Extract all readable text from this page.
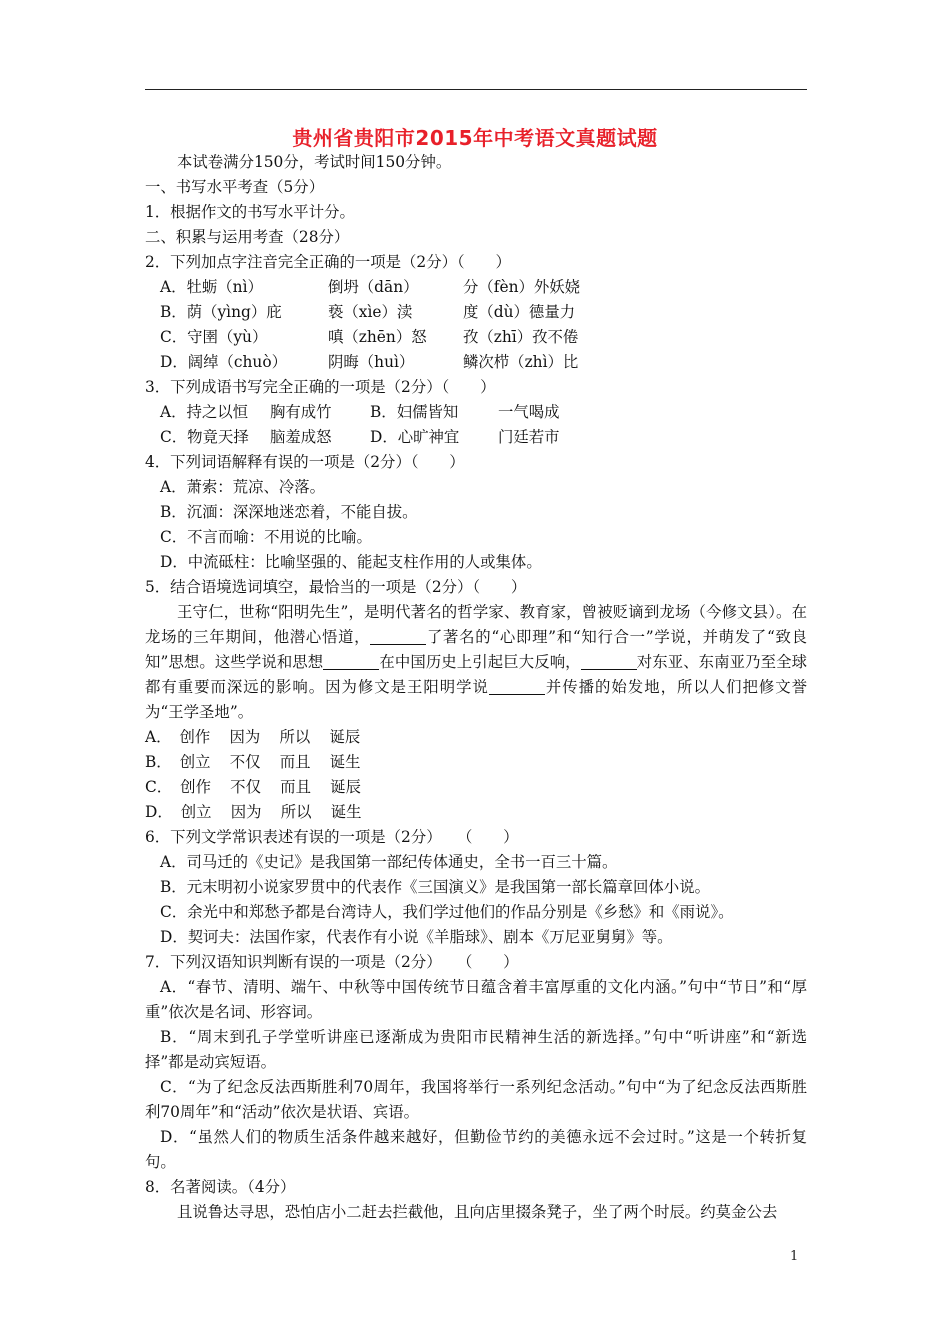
贵州省贵阳市2015年中考语文真题试题
本试卷满分150分，考试时间150分钟。
一、书写水平考查（5分）
1．根据作文的书写水平计分。
二、积累与运用考查（28分）
2．下列加点字注音完全正确的一项是（2分）（　　）
A．牡蛎（nì）	倒坍（dān）	分（fèn）外妖娆
B．荫（yìng）庇	亵（xìe）渎	度（dù）德量力
C．守圉（yù）	嗔（zhēn）怒	孜（zhī）孜不倦
D．阔绰（chuò）	阴晦（huì）	鳞次栉（zhì）比
3．下列成语书写完全正确的一项是（2分）（　　）
A．持之以恒	胸有成竹	B．妇儒皆知	一气喝成
C．物竟天择	脑羞成怒	D．心旷神宜	门廷若市
4．下列词语解释有误的一项是（2分）（　　）
A．萧索：荒凉、冷落。
B．沉湎：深深地迷恋着，不能自拔。
C．不言而喻：不用说的比喻。
D．中流砥柱：比喻坚强的、能起支柱作用的人或集体。
5．结合语境选词填空，最恰当的一项是（2分）（　　）
王守仁，世称“阳明先生”，是明代著名的哲学家、教育家，曾被贬谪到龙场（今修文县）。在龙场的三年期间，他潜心悟道，	了著名的“心即理”和“知行合一”学说，并萌发了“致良知”思想。这些学说和思想	在中国历史上引起巨大反响，	对东亚、东南亚乃至全球都有重要而深远的影响。因为修文是王阳明学说	并传播的始发地，所以人们把修文誉为“王学圣地”。
A． 创作 因为 所以 诞辰
B． 创立 不仅 而且 诞生
C． 创作 不仅 而且 诞辰
D． 创立 因为 所以 诞生
6．下列文学常识表述有误的一项是（2分）　　（　　）
A．司马迁的《史记》是我国第一部纪传体通史，全书一百三十篇。
B．元末明初小说家罗贯中的代表作《三国演义》是我国第一部长篇章回体小说。
C．余光中和郑愁予都是台湾诗人，我们学过他们的作品分别是《乡愁》和《雨说》。
D．契诃夫：法国作家，代表作有小说《羊脂球》、剧本《万尼亚舅舅》等。
7．下列汉语知识判断有误的一项是（2分）　　（　　）
A．“春节、清明、端午、中秋等中国传统节日蕴含着丰富厚重的文化内涵。”句中“节日”和“厚重”依次是名词、形容词。
B．“周末到孔子学堂听讲座已逐渐成为贵阳市民精神生活的新选择。”句中“听讲座”和“新选择”都是动宾短语。
C．“为了纪念反法西斯胜利70周年，我国将举行一系列纪念活动。”句中“为了纪念反法西斯胜利70周年”和“活动”依次是状语、宾语。
D．“虽然人们的物质生活条件越来越好，但勤俭节约的美德永远不会过时。”这是一个转折复句。
8．名著阅读。（4分）
且说鲁达寻思，恐怕店小二赶去拦截他，且向店里掇条凳子，坐了两个时辰。约莫金公去
1
